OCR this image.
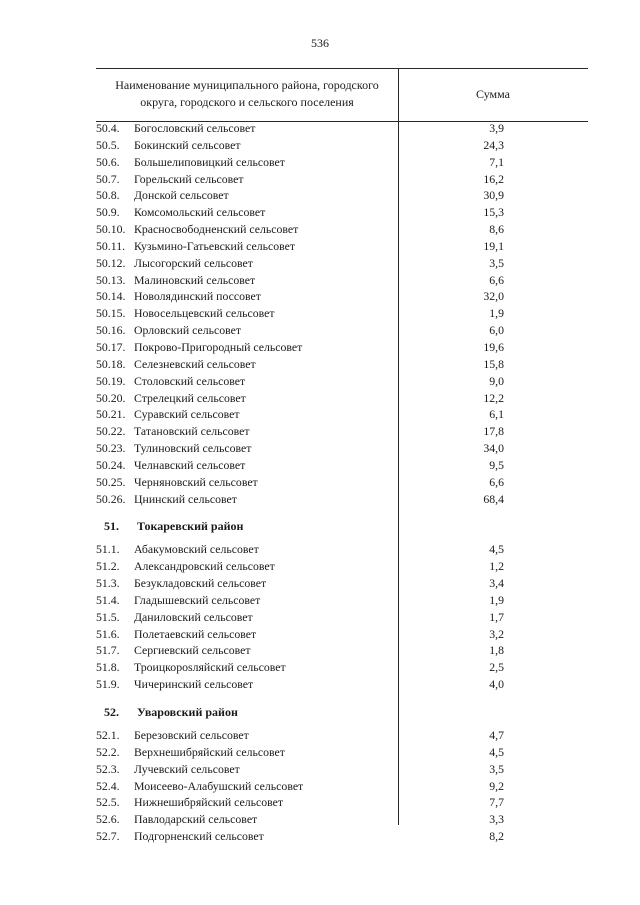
536
Наименование муниципального района, городского
округа, городского и сельского поселения
Сумма
50.4.	Богословский сельсовет	3,9
50.5.	Бокинский сельсовет	24,3
50.6.	Большелиповицкий сельсовет	7,1
50.7.	Горельский сельсовет	16,2
50.8.	Донской сельсовет	30,9
50.9.	Комсомольский сельсовет	15,3
50.10. Красносвободненский сельсовет	8,6
50.11. Кузьмино-Гатьевский сельсовет	19,1
50.12. Лысогорский сельсовет	3,5
50.13. Малиновский сельсовет	6,6
50.14. Новолядинский поссовет	32,0
50.15. Новосельцевский сельсовет	1,9
50.16. Орловский сельсовет	6,0
50.17. Покрово-Пригородный сельсовет	19,6
50.18. Селезневский сельсовет	15,8
50.19. Столовский сельсовет	9,0
50.20. Стрелецкий сельсовет	12,2
50.21. Суравский сельсовет	6,1
50.22. Татановский сельсовет	17,8
50.23. Тулиновский сельсовет	34,0
50.24. Челнавский сельсовет	9,5
50.25. Черняновский сельсовет	6,6
50.26. Цнинский сельсовет	68,4
51. Токаревский район
51.1.	Абакумовский сельсовет	4,5
51.2.	Александровский сельсовет	1,2
51.3.	Безукладовский сельсовет	3,4
51.4.	Гладышевский сельсовет	1,9
51.5.	Даниловский сельсовет	1,7
51.6.	Полетаевский сельсовет	3,2
51.7.	Сергиевский сельсовет	1,8
51.8.	Троицкорosляйский сельсовет	2,5
51.9.	Чичеринский сельсовет	4,0
52. Уваровский район
52.1.	Березовский сельсовет	4,7
52.2.	Верхнешибряйский сельсовет	4,5
52.3.	Лучевский сельсовет	3,5
52.4.	Моисеево-Алабушский сельсовет	9,2
52.5.	Нижнешибряйский сельсовет	7,7
52.6.	Павлодарский сельсовет	3,3
52.7.	Подгорненский сельсовет	8,2
